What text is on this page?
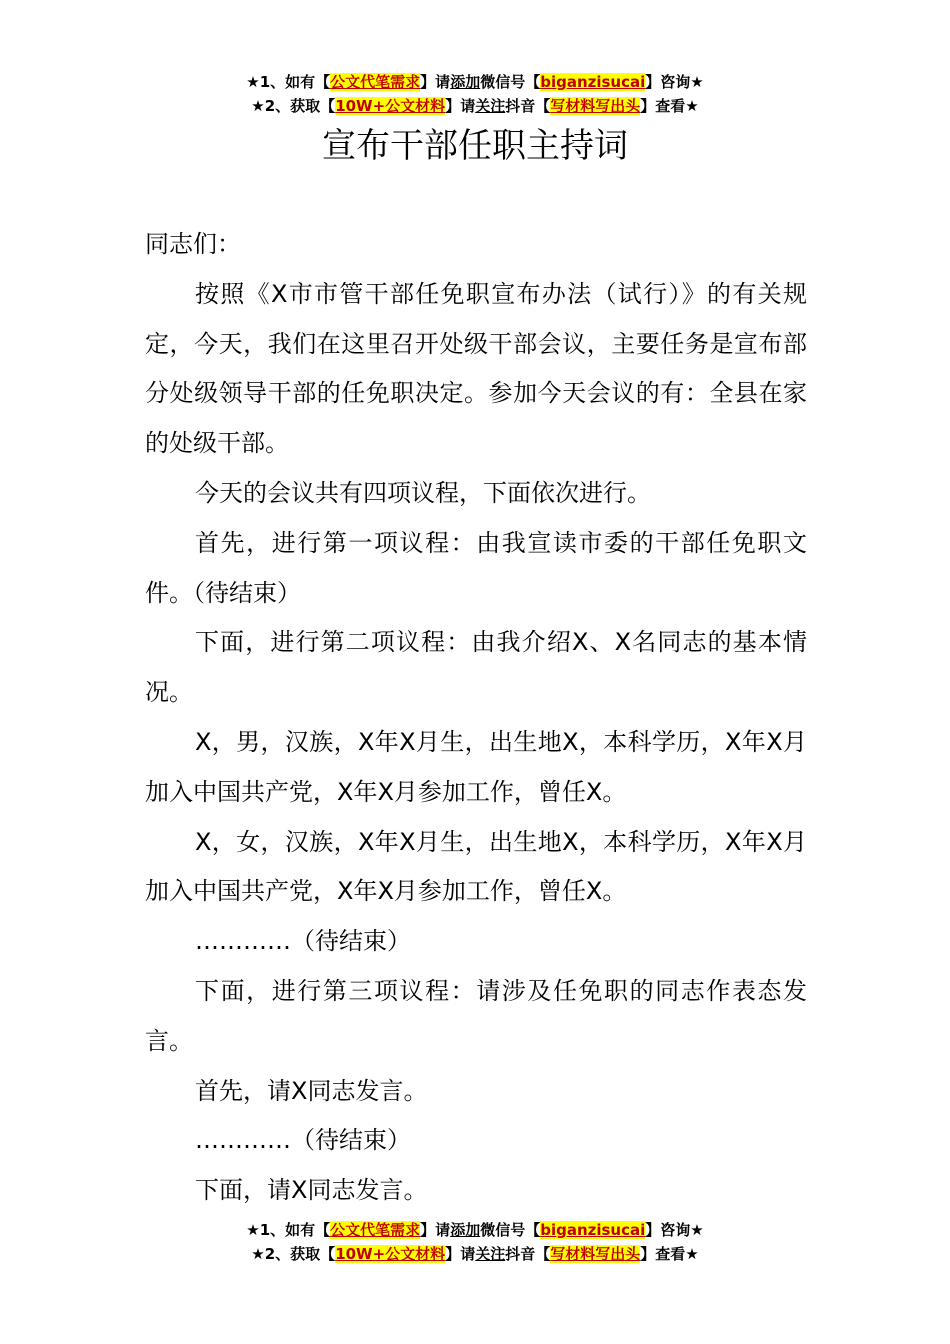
★1、如有【公文代笔需求】请添加微信号【biganzisucai】咨询★
★2、获取【10W+公文材料】请关注抖音【写材料写出头】查看★
宣布干部任职主持词

同志们：

按照《X市市管干部任免职宣布办法（试行）》的有关规定，今天，我们在这里召开处级干部会议，主要任务是宣布部分处级领导干部的任免职决定。参加今天会议的有：全县在家的处级干部。

今天的会议共有四项议程，下面依次进行。

首先，进行第一项议程：由我宣读市委的干部任免职文件。（待结束）

下面，进行第二项议程：由我介绍X、X名同志的基本情况。

X，男，汉族，X年X月生，出生地X，本科学历，X年X月加入中国共产党，X年X月参加工作，曾任X。

X，女，汉族，X年X月生，出生地X，本科学历，X年X月加入中国共产党，X年X月参加工作，曾任X。

…………（待结束）

下面，进行第三项议程：请涉及任免职的同志作表态发言。

首先，请X同志发言。

…………（待结束）

下面，请X同志发言。

★1、如有【公文代笔需求】请添加微信号【biganzisucai】咨询★
★2、获取【10W+公文材料】请关注抖音【写材料写出头】查看★
